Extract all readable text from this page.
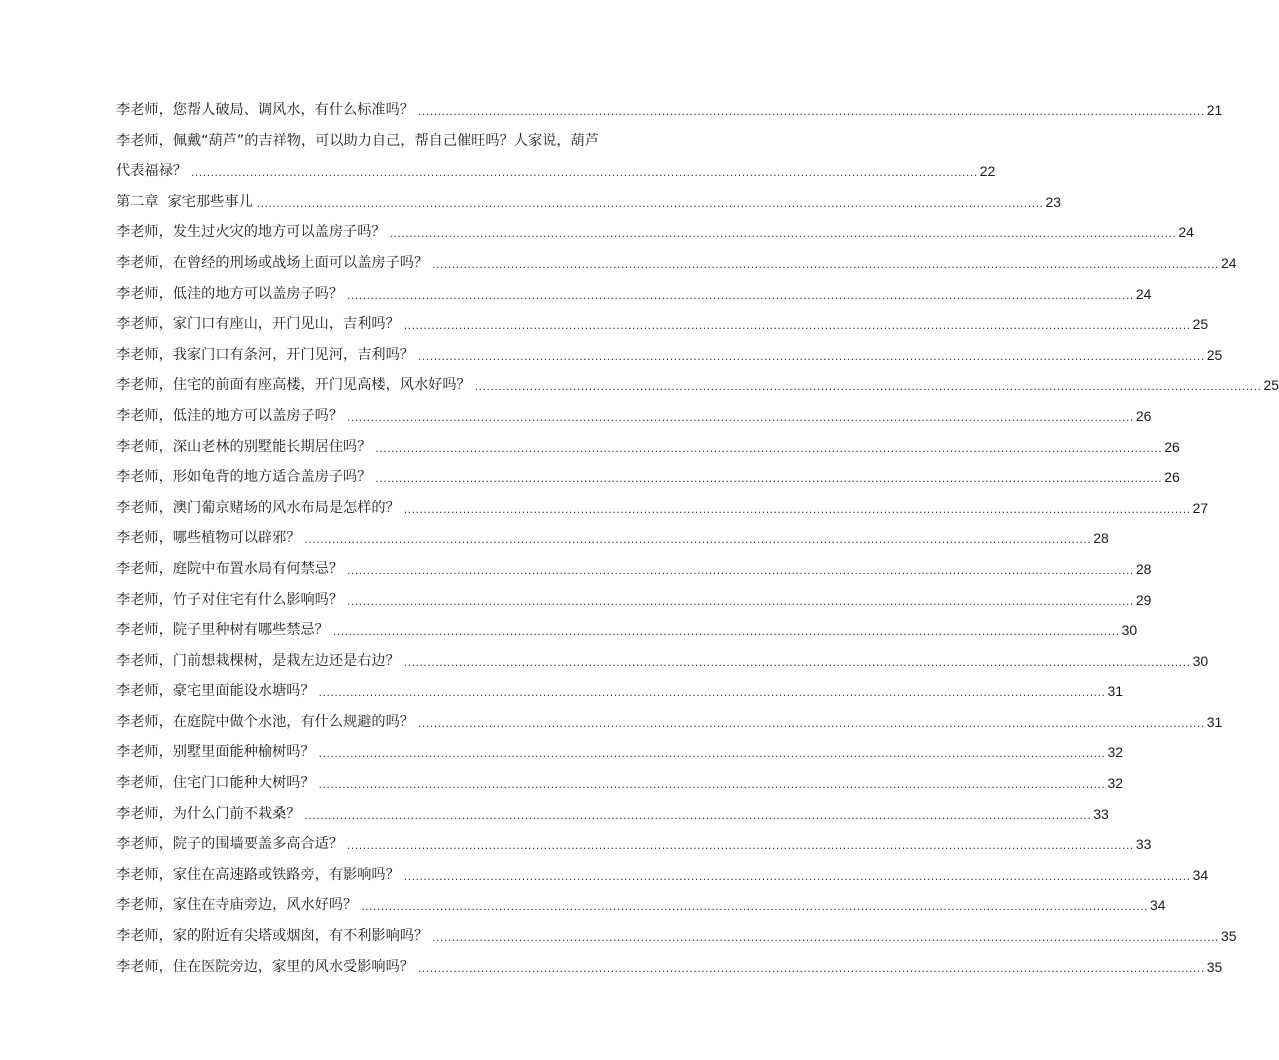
李老师，您帮人破局、调风水，有什么标准吗？ ........................................................................................................................................................................................................ 21
李老师，佩戴“葫芦”的吉祥物，可以助力自己，帮自己催旺吗？人家说，葫芦
代表福禄？ ........................................................................................................................................................................................................ 22
第二章  家宅那些事儿 ........................................................................................................................................................................................................ 23
李老师，发生过火灾的地方可以盖房子吗？ ........................................................................................................................................................................................................ 24
李老师，在曾经的刑场或战场上面可以盖房子吗？ ........................................................................................................................................................................................................ 24
李老师，低洼的地方可以盖房子吗？ ........................................................................................................................................................................................................ 24
李老师，家门口有座山，开门见山，吉利吗？ ........................................................................................................................................................................................................ 25
李老师，我家门口有条河，开门见河，吉利吗？ ........................................................................................................................................................................................................ 25
李老师，住宅的前面有座高楼，开门见高楼，风水好吗？ ........................................................................................................................................................................................................ 25
李老师，低洼的地方可以盖房子吗？ ........................................................................................................................................................................................................ 26
李老师，深山老林的别墅能长期居住吗？ ........................................................................................................................................................................................................ 26
李老师，形如龟背的地方适合盖房子吗？ ........................................................................................................................................................................................................ 26
李老师，澳门葡京赌场的风水布局是怎样的？ ........................................................................................................................................................................................................ 27
李老师，哪些植物可以辟邪？ ........................................................................................................................................................................................................ 28
李老师，庭院中布置水局有何禁忌？ ........................................................................................................................................................................................................ 28
李老师，竹子对住宅有什么影响吗？ ........................................................................................................................................................................................................ 29
李老师，院子里种树有哪些禁忌？ ........................................................................................................................................................................................................ 30
李老师，门前想栽棵树，是栽左边还是右边？ ........................................................................................................................................................................................................ 30
李老师，豪宅里面能设水塘吗？ ........................................................................................................................................................................................................ 31
李老师，在庭院中做个水池，有什么规避的吗？ ........................................................................................................................................................................................................ 31
李老师，别墅里面能种榆树吗？ ........................................................................................................................................................................................................ 32
李老师，住宅门口能种大树吗？ ........................................................................................................................................................................................................ 32
李老师，为什么门前不栽桑？ ........................................................................................................................................................................................................ 33
李老师，院子的围墙要盖多高合适？ ........................................................................................................................................................................................................ 33
李老师，家住在高速路或铁路旁，有影响吗？ ........................................................................................................................................................................................................ 34
李老师，家住在寺庙旁边，风水好吗？ ........................................................................................................................................................................................................ 34
李老师，家的附近有尖塔或烟囱，有不利影响吗？ ........................................................................................................................................................................................................ 35
李老师，住在医院旁边，家里的风水受影响吗？ ........................................................................................................................................................................................................ 35
